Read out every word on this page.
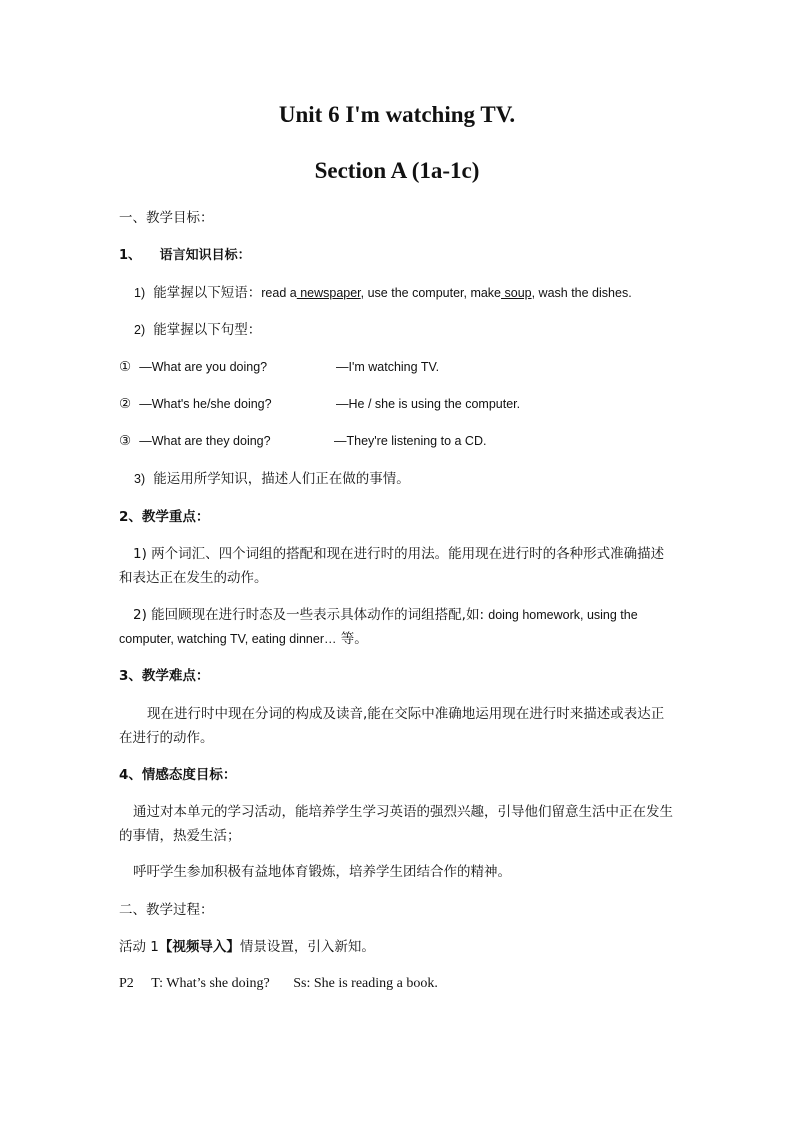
Unit 6 I'm watching TV.
Section A (1a-1c)
一、教学目标：
1、 语言知识目标：
1) 能掌握以下短语：read a newspaper, use the computer, make soup, wash the dishes.
2) 能掌握以下句型：
① —What are you doing?	—I'm watching TV.
② —What's he/she doing?	—He / she is using the computer.
③ —What are they doing?	—They're listening to a CD.
3) 能运用所学知识，描述人们正在做的事情。
2、教学重点：
1) 两个词汇、四个词组的搭配和现在进行时的用法。能用现在进行时的各种形式准确描述和表达正在发生的动作。
2) 能回顾现在进行时态及一些表示具体动作的词组搭配,如: doing homework, using the computer, watching TV, eating dinner… 等。
3、教学难点：
现在进行时中现在分词的构成及读音,能在交际中准确地运用现在进行时来描述或表达正在进行的动作。
4、情感态度目标：
通过对本单元的学习活动，能培养学生学习英语的强烈兴趣，引导他们留意生活中正在发生的事情，热爱生活；
呼吁学生参加积极有益地体育锻炼，培养学生团结合作的精神。
二、教学过程：
活动 1【视频导入】情景设置，引入新知。
P2 T: What’s she doing? Ss: She is reading a book.
